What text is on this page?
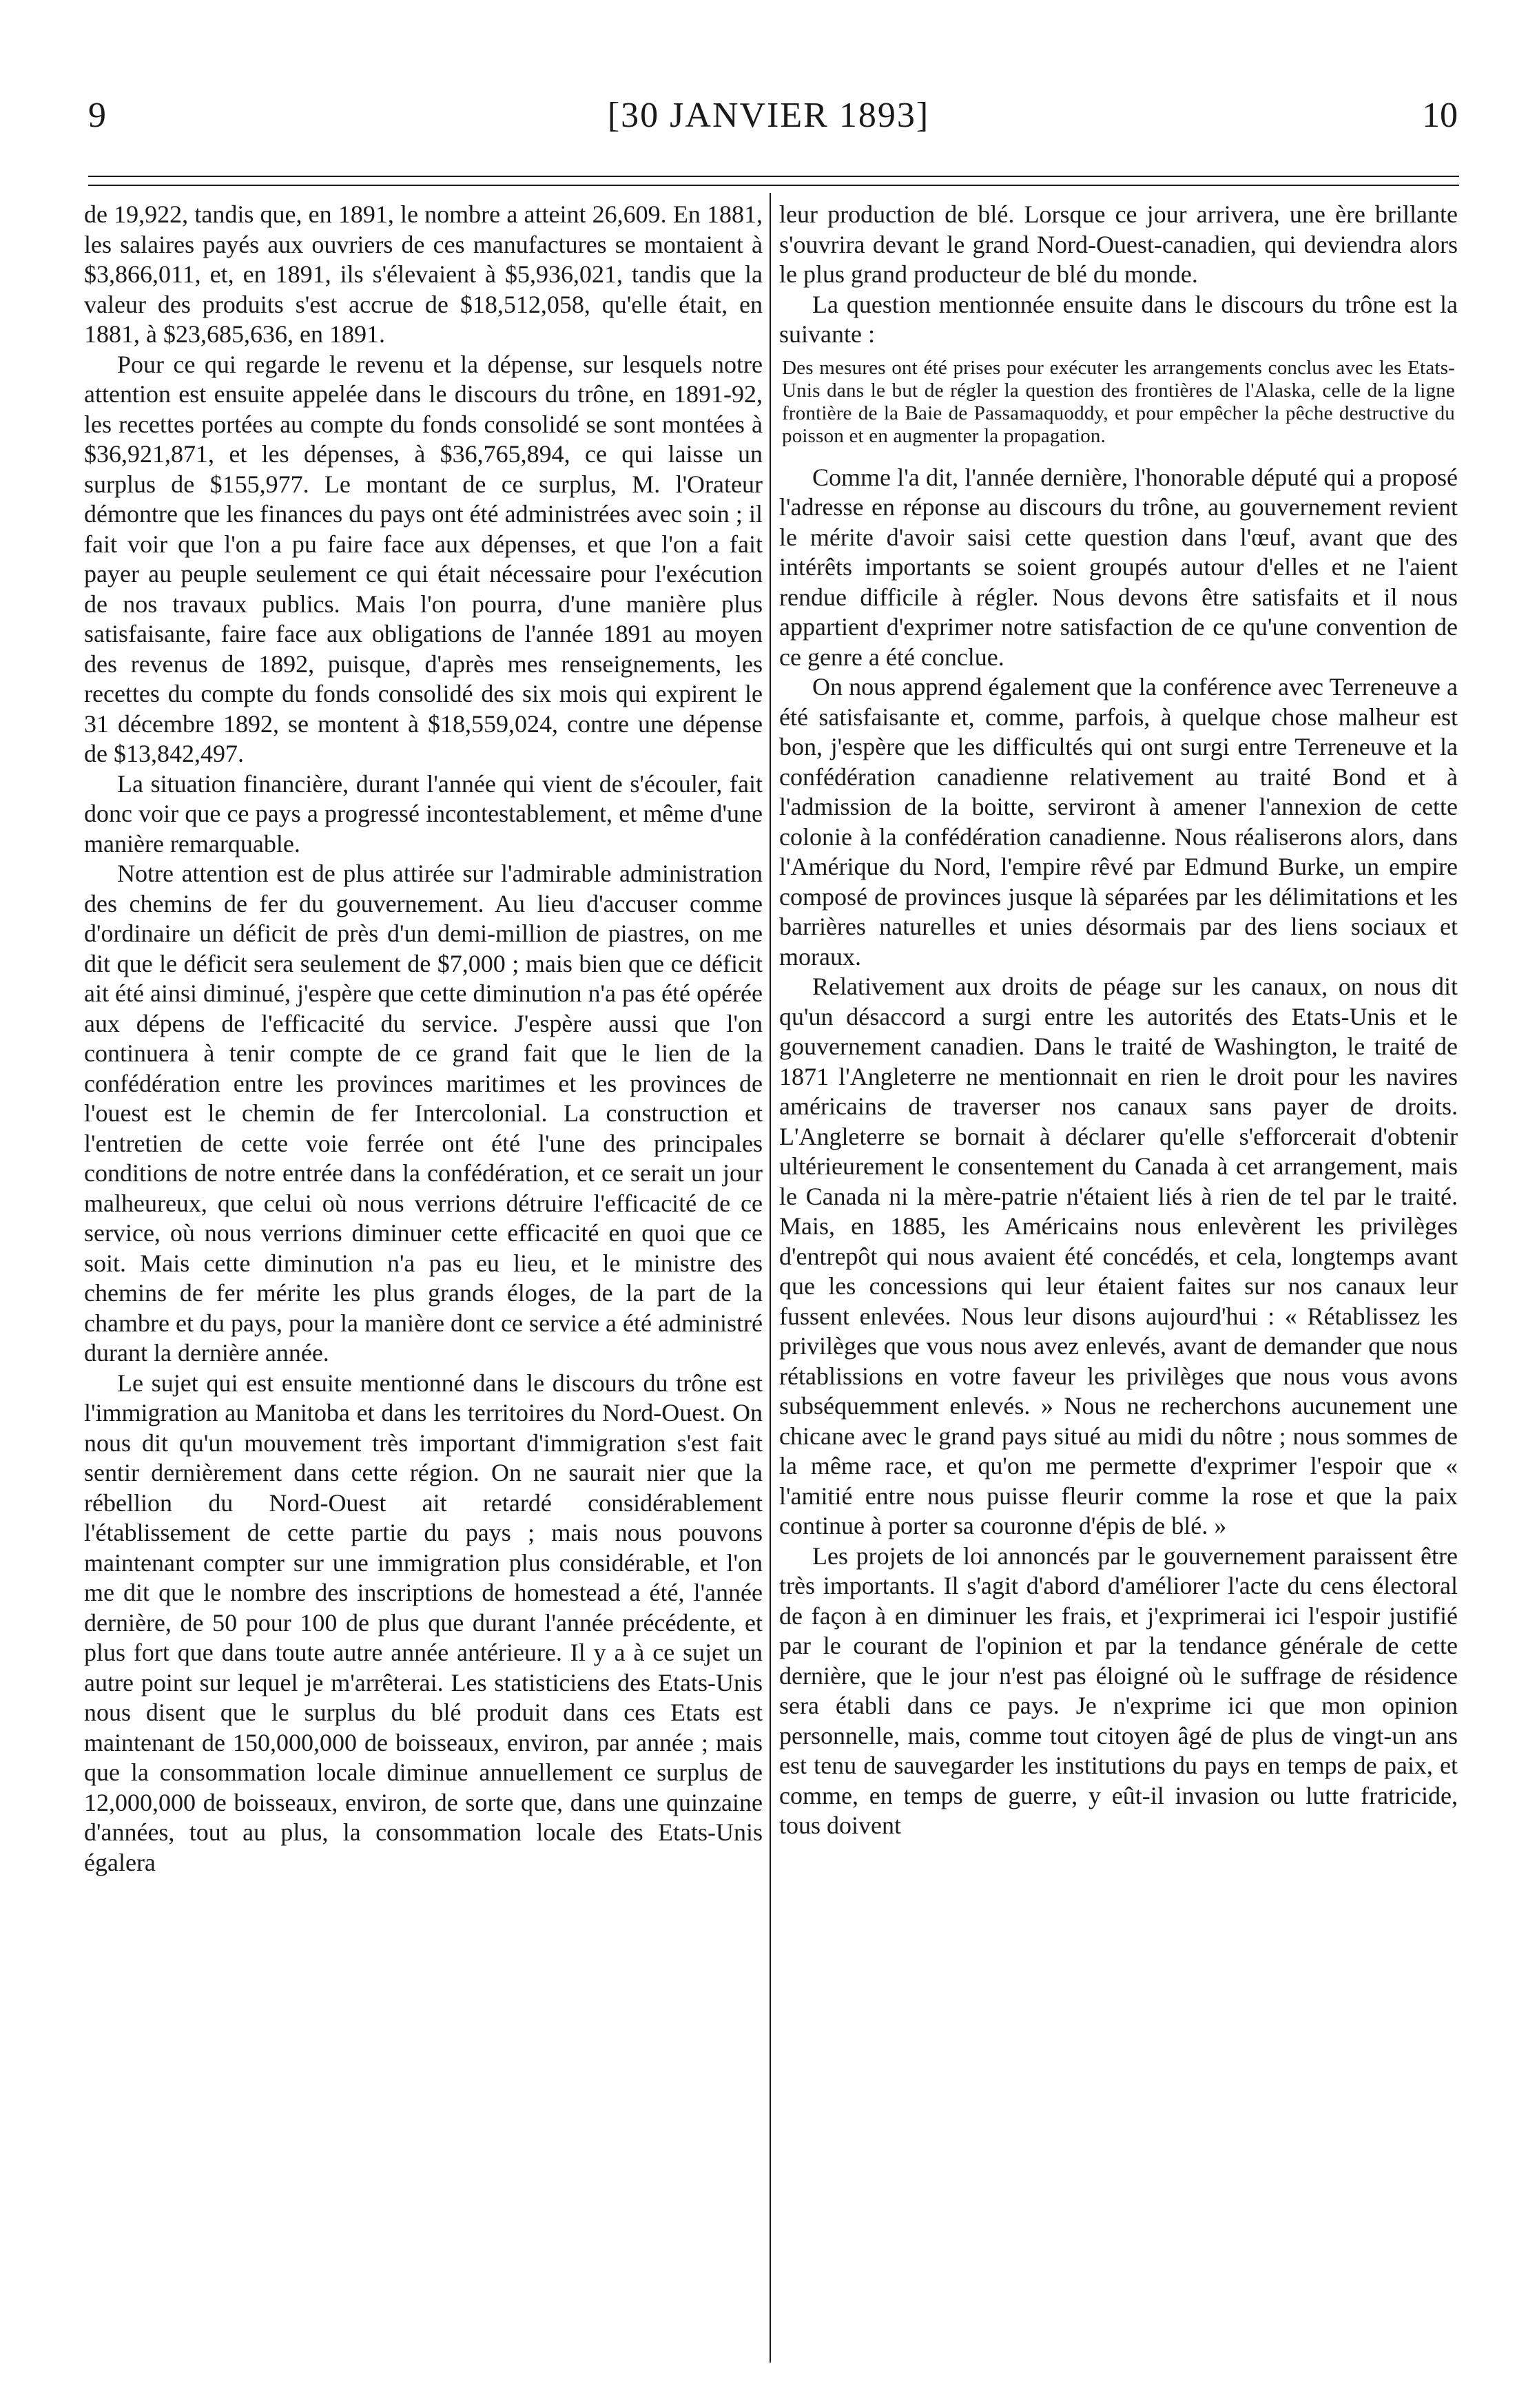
9	[30 JANVIER 1893]	10

de 19,922, tandis que, en 1891, le nombre a atteint 26,609. En 1881, les salaires payés aux ouvriers de ces manufactures se montaient à $3,866,011, et, en 1891, ils s'élevaient à $5,936,021, tandis que la valeur des produits s'est accrue de $18,512,058, qu'elle était, en 1881, à $23,685,636, en 1891.

Pour ce qui regarde le revenu et la dépense, sur lesquels notre attention est ensuite appelée dans le discours du trône, en 1891-92, les recettes portées au compte du fonds consolidé se sont montées à $36,921,871, et les dépenses, à $36,765,894, ce qui laisse un surplus de $155,977. Le montant de ce surplus, M. l'Orateur démontre que les finances du pays ont été administrées avec soin ; il fait voir que l'on a pu faire face aux dépenses, et que l'on a fait payer au peuple seulement ce qui était nécessaire pour l'exécution de nos travaux publics. Mais l'on pourra, d'une manière plus satisfaisante, faire face aux obligations de l'année 1891 au moyen des revenus de 1892, puisque, d'après mes renseignements, les recettes du compte du fonds consolidé des six mois qui expirent le 31 décembre 1892, se montent à $18,559,024, contre une dépense de $13,842,497.

La situation financière, durant l'année qui vient de s'écouler, fait donc voir que ce pays a progressé incontestablement, et même d'une manière remarquable.

Notre attention est de plus attirée sur l'admirable administration des chemins de fer du gouvernement. Au lieu d'accuser comme d'ordinaire un déficit de près d'un demi-million de piastres, on me dit que le déficit sera seulement de $7,000 ; mais bien que ce déficit ait été ainsi diminué, j'espère que cette diminution n'a pas été opérée aux dépens de l'efficacité du service. J'espère aussi que l'on continuera à tenir compte de ce grand fait que le lien de la confédération entre les provinces maritimes et les provinces de l'ouest est le chemin de fer Intercolonial. La construction et l'entretien de cette voie ferrée ont été l'une des principales conditions de notre entrée dans la confédération, et ce serait un jour malheureux, que celui où nous verrions détruire l'efficacité de ce service, où nous verrions diminuer cette efficacité en quoi que ce soit. Mais cette diminution n'a pas eu lieu, et le ministre des chemins de fer mérite les plus grands éloges, de la part de la chambre et du pays, pour la manière dont ce service a été administré durant la dernière année.

Le sujet qui est ensuite mentionné dans le discours du trône est l'immigration au Manitoba et dans les territoires du Nord-Ouest. On nous dit qu'un mouvement très important d'immigration s'est fait sentir dernièrement dans cette région. On ne saurait nier que la rébellion du Nord-Ouest ait retardé considérablement l'établissement de cette partie du pays ; mais nous pouvons maintenant compter sur une immigration plus considérable, et l'on me dit que le nombre des inscriptions de homestead a été, l'année dernière, de 50 pour 100 de plus que durant l'année précédente, et plus fort que dans toute autre année antérieure. Il y a à ce sujet un autre point sur lequel je m'arrêterai. Les statisticiens des Etats-Unis nous disent que le surplus du blé produit dans ces Etats est maintenant de 150,000,000 de boisseaux, environ, par année ; mais que la consommation locale diminue annuellement ce surplus de 12,000,000 de boisseaux, environ, de sorte que, dans une quinzaine d'années, tout au plus, la consommation locale des Etats-Unis égalera

leur production de blé. Lorsque ce jour arrivera, une ère brillante s'ouvrira devant le grand Nord-Ouest-canadien, qui deviendra alors le plus grand producteur de blé du monde.

La question mentionnée ensuite dans le discours du trône est la suivante :

Des mesures ont été prises pour exécuter les arrangements conclus avec les Etats-Unis dans le but de régler la question des frontières de l'Alaska, celle de la ligne frontière de la Baie de Passamaquoddy, et pour empêcher la pêche destructive du poisson et en augmenter la propagation.

Comme l'a dit, l'année dernière, l'honorable député qui a proposé l'adresse en réponse au discours du trône, au gouvernement revient le mérite d'avoir saisi cette question dans l'œuf, avant que des intérêts importants se soient groupés autour d'elles et ne l'aient rendue difficile à régler. Nous devons être satisfaits et il nous appartient d'exprimer notre satisfaction de ce qu'une convention de ce genre a été conclue.

On nous apprend également que la conférence avec Terreneuve a été satisfaisante et, comme, parfois, à quelque chose malheur est bon, j'espère que les difficultés qui ont surgi entre Terreneuve et la confédération canadienne relativement au traité Bond et à l'admission de la boitte, serviront à amener l'annexion de cette colonie à la confédération canadienne. Nous réaliserons alors, dans l'Amérique du Nord, l'empire rêvé par Edmund Burke, un empire composé de provinces jusque là séparées par les délimitations et les barrières naturelles et unies désormais par des liens sociaux et moraux.

Relativement aux droits de péage sur les canaux, on nous dit qu'un désaccord a surgi entre les autorités des Etats-Unis et le gouvernement canadien. Dans le traité de Washington, le traité de 1871 l'Angleterre ne mentionnait en rien le droit pour les navires américains de traverser nos canaux sans payer de droits. L'Angleterre se bornait à déclarer qu'elle s'efforcerait d'obtenir ultérieurement le consentement du Canada à cet arrangement, mais le Canada ni la mère-patrie n'étaient liés à rien de tel par le traité. Mais, en 1885, les Américains nous enlevèrent les privilèges d'entrepôt qui nous avaient été concédés, et cela, longtemps avant que les concessions qui leur étaient faites sur nos canaux leur fussent enlevées. Nous leur disons aujourd'hui : « Rétablissez les privilèges que vous nous avez enlevés, avant de demander que nous rétablissions en votre faveur les privilèges que nous vous avons subséquemment enlevés. » Nous ne recherchons aucunement une chicane avec le grand pays situé au midi du nôtre ; nous sommes de la même race, et qu'on me permette d'exprimer l'espoir que « l'amitié entre nous puisse fleurir comme la rose et que la paix continue à porter sa couronne d'épis de blé. »

Les projets de loi annoncés par le gouvernement paraissent être très importants. Il s'agit d'abord d'améliorer l'acte du cens électoral de façon à en diminuer les frais, et j'exprimerai ici l'espoir justifié par le courant de l'opinion et par la tendance générale de cette dernière, que le jour n'est pas éloigné où le suffrage de résidence sera établi dans ce pays. Je n'exprime ici que mon opinion personnelle, mais, comme tout citoyen âgé de plus de vingt-un ans est tenu de sauvegarder les institutions du pays en temps de paix, et comme, en temps de guerre, y eût-il invasion ou lutte fratricide, tous doivent
